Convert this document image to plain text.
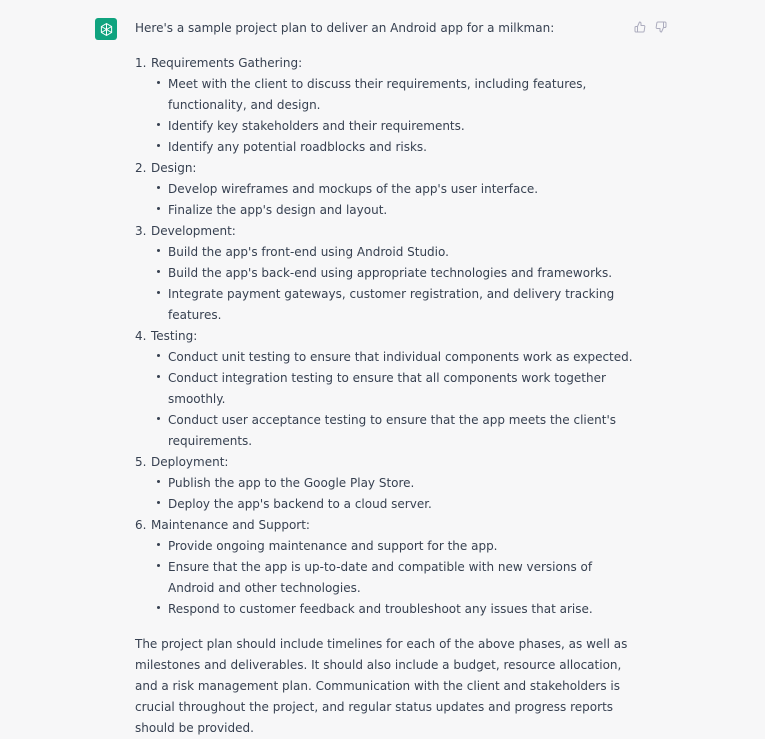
Here's a sample project plan to deliver an Android app for a milkman:

1. Requirements Gathering:
Meet with the client to discuss their requirements, including features, functionality, and design.
Identify key stakeholders and their requirements.
Identify any potential roadblocks and risks.
2. Design:
Develop wireframes and mockups of the app's user interface.
Finalize the app's design and layout.
3. Development:
Build the app's front-end using Android Studio.
Build the app's back-end using appropriate technologies and frameworks.
Integrate payment gateways, customer registration, and delivery tracking features.
4. Testing:
Conduct unit testing to ensure that individual components work as expected.
Conduct integration testing to ensure that all components work together smoothly.
Conduct user acceptance testing to ensure that the app meets the client's requirements.
5. Deployment:
Publish the app to the Google Play Store.
Deploy the app's backend to a cloud server.
6. Maintenance and Support:
Provide ongoing maintenance and support for the app.
Ensure that the app is up-to-date and compatible with new versions of Android and other technologies.
Respond to customer feedback and troubleshoot any issues that arise.

The project plan should include timelines for each of the above phases, as well as milestones and deliverables. It should also include a budget, resource allocation, and a risk management plan. Communication with the client and stakeholders is crucial throughout the project, and regular status updates and progress reports should be provided.
